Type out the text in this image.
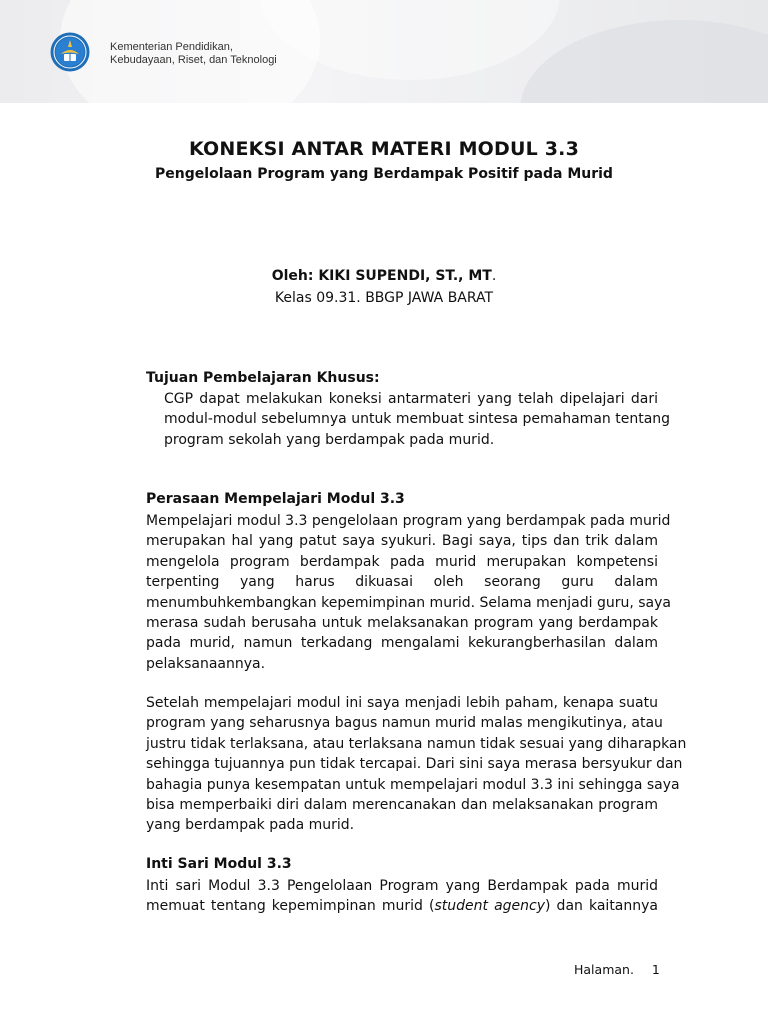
Kementerian Pendidikan,
Kebudayaan, Riset, dan Teknologi
KONEKSI ANTAR MATERI MODUL 3.3
Pengelolaan Program yang Berdampak Positif pada Murid
Oleh: KIKI SUPENDI, ST., MT.
Kelas 09.31. BBGP JAWA BARAT
Tujuan Pembelajaran Khusus:
CGP dapat melakukan koneksi antarmateri yang telah dipelajari dari
modul-modul sebelumnya untuk membuat sintesa pemahaman tentang
program sekolah yang berdampak pada murid.
Perasaan Mempelajari Modul 3.3
Mempelajari modul 3.3 pengelolaan program yang berdampak pada murid
merupakan hal yang patut saya syukuri. Bagi saya, tips dan trik dalam
mengelola program berdampak pada murid merupakan kompetensi
terpenting yang harus dikuasai oleh seorang guru dalam
menumbuhkembangkan kepemimpinan murid. Selama menjadi guru, saya
merasa sudah berusaha untuk melaksanakan program yang berdampak
pada murid, namun terkadang mengalami kekurangberhasilan dalam
pelaksanaannya.
Setelah mempelajari modul ini saya menjadi lebih paham, kenapa suatu
program yang seharusnya bagus namun murid malas mengikutinya, atau
justru tidak terlaksana, atau terlaksana namun tidak sesuai yang diharapkan
sehingga tujuannya pun tidak tercapai. Dari sini saya merasa bersyukur dan
bahagia punya kesempatan untuk mempelajari modul 3.3 ini sehingga saya
bisa memperbaiki diri dalam merencanakan dan melaksanakan program
yang berdampak pada murid.
Inti Sari Modul 3.3
Inti sari Modul 3.3 Pengelolaan Program yang Berdampak pada murid
memuat tentang kepemimpinan murid (student agency) dan kaitannya
Halaman. 1
